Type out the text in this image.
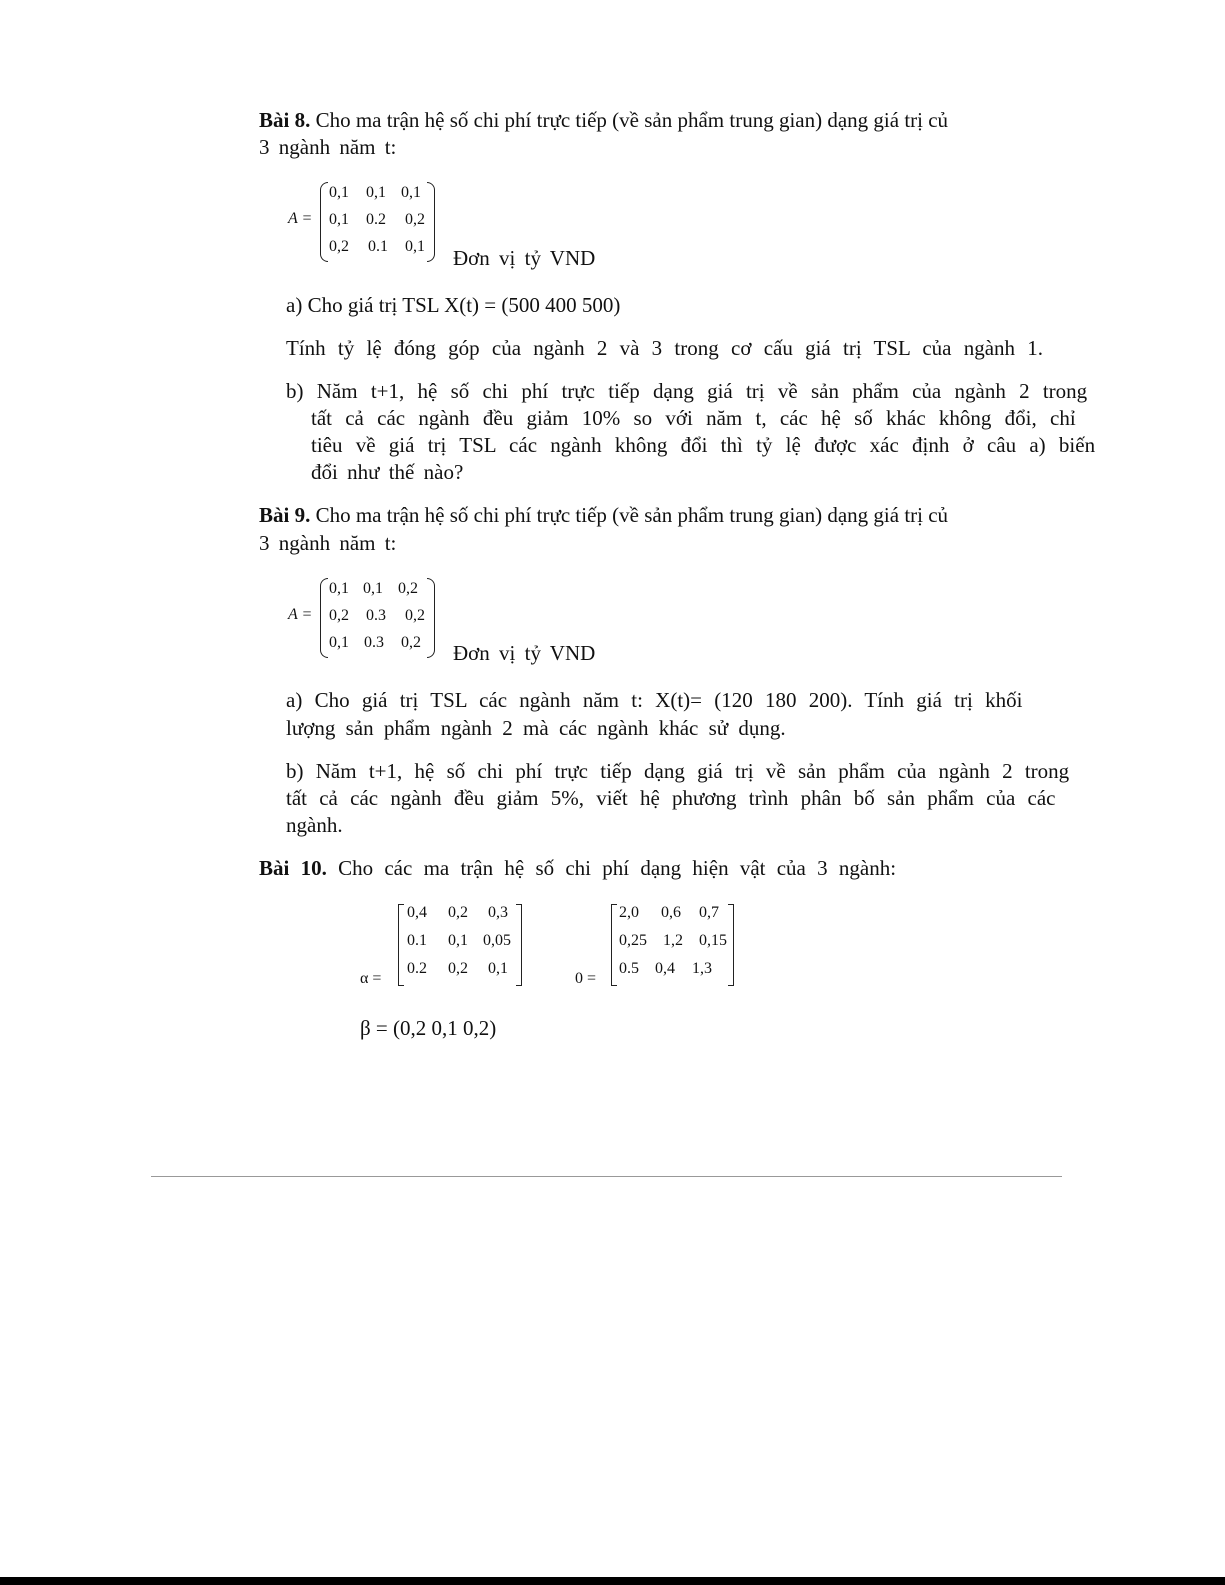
Bài 8. Cho ma trận hệ số chi phí trực tiếp (về sản phẩm trung gian) dạng giá trị củ
3 ngành năm t:
A =
0,1 0,1 0,1
0,1 0.2 0,2
0,2 0.1 0,1 Đơn vị tỷ VND
a) Cho giá trị TSL X(t) = (500 400 500)
Tính tỷ lệ đóng góp của ngành 2 và 3 trong cơ cấu giá trị TSL của ngành 1.
b) Năm t+1, hệ số chi phí trực tiếp dạng giá trị về sản phẩm của ngành 2 trong
tất cả các ngành đều giảm 10% so với năm t, các hệ số khác không đổi, chỉ
tiêu về giá trị TSL các ngành không đổi thì tỷ lệ được xác định ở câu a) biến
đổi như thế nào?
Bài 9. Cho ma trận hệ số chi phí trực tiếp (về sản phẩm trung gian) dạng giá trị củ
3 ngành năm t:
A =
0,1 0,1 0,2
0,2 0.3 0,2
0,1 0.3 0,2 Đơn vị tỷ VND
a) Cho giá trị TSL các ngành năm t: X(t)= (120 180 200). Tính giá trị khối
lượng sản phẩm ngành 2 mà các ngành khác sử dụng.
b) Năm t+1, hệ số chi phí trực tiếp dạng giá trị về sản phẩm của ngành 2 trong
tất cả các ngành đều giảm 5%, viết hệ phương trình phân bố sản phẩm của các
ngành.
Bài 10. Cho các ma trận hệ số chi phí dạng hiện vật của 3 ngành:
α =
0,4 0,2 0,3
0.1 0,1 0,05
0.2 0,2 0,1
0 =
2,0 0,6 0,7
0,25 1,2 0,15
0.5 0,4 1,3
β = (0,2 0,1 0,2)
